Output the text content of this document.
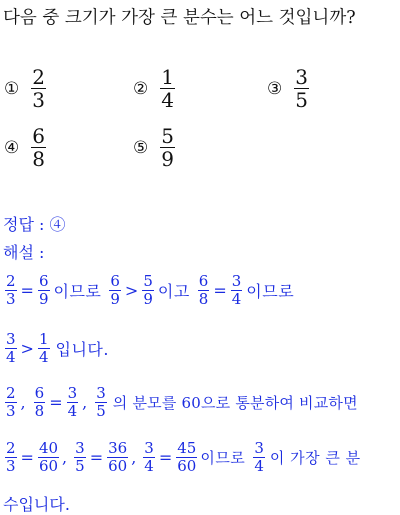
다음 중 크기가 가장 큰 분수는 어느 것입니까?
① $\frac{2}{3}$	② $\frac{1}{4}$	③ $\frac{3}{5}$
④ $\frac{6}{8}$	⑤ $\frac{5}{9}$
정답 : ④
해설 :
$\frac{2}{3} = \frac{6}{9}$ 이므로 $\frac{6}{9} > \frac{5}{9}$ 이고 $\frac{6}{8} = \frac{3}{4}$ 이므로
$\frac{3}{4} > \frac{1}{4}$ 입니다.
$\frac{2}{3}$ , $\frac{6}{8} = \frac{3}{4}$ , $\frac{3}{5}$ 의 분모를 60으로 통분하여 비교하면
$\frac{2}{3} = \frac{40}{60}$ , $\frac{3}{5} = \frac{36}{60}$ , $\frac{3}{4} = \frac{45}{60}$ 이므로 $\frac{3}{4}$ 이 가장 큰 분
수입니다.
